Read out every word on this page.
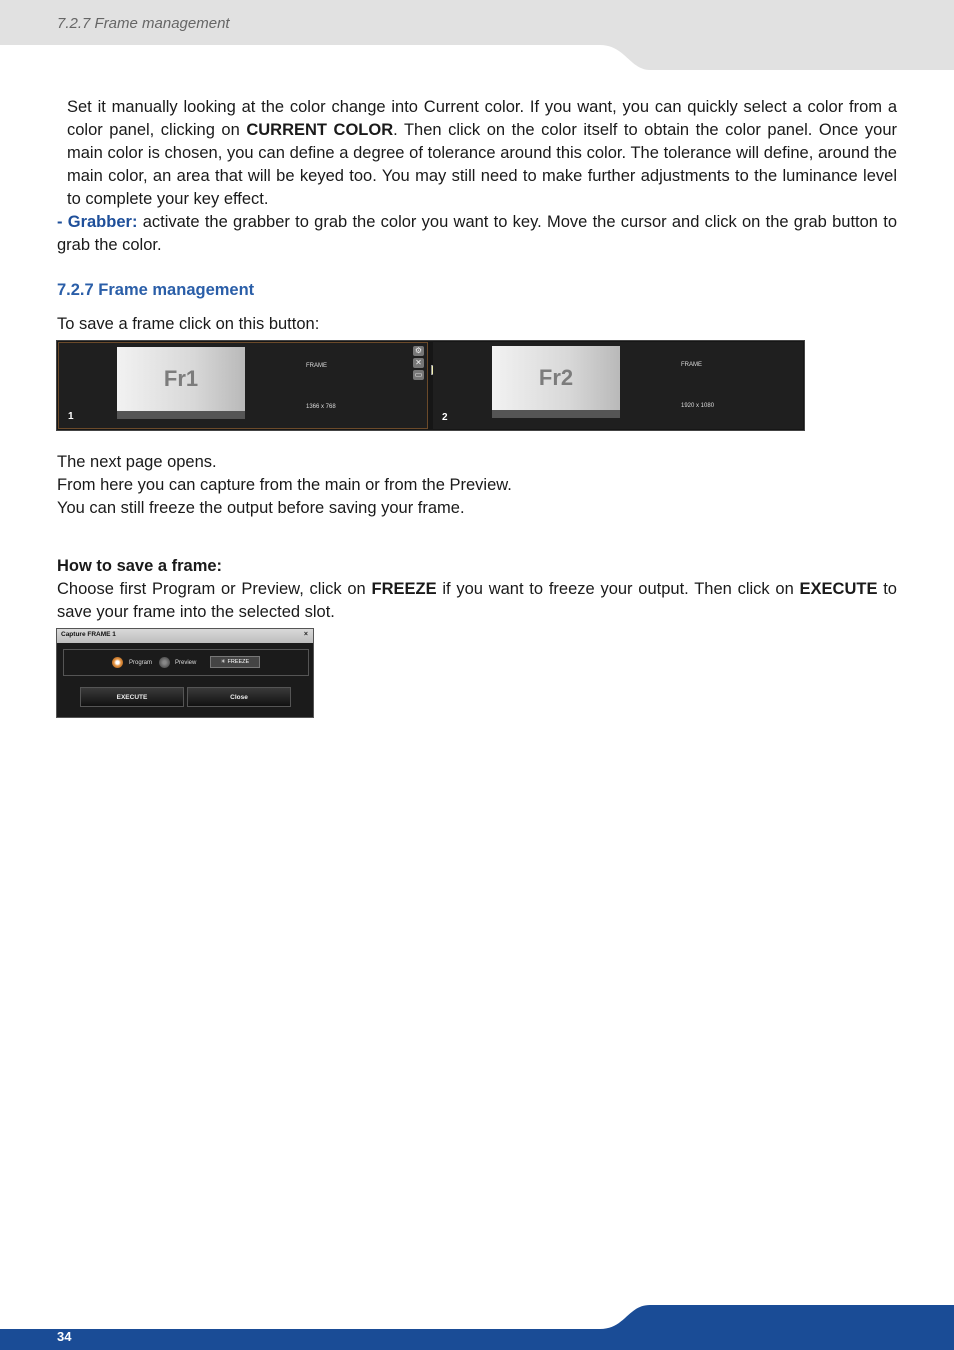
7.2.7 Frame management
Set it manually looking at the color change into Current color. If you want, you can quickly select a color from a color panel, clicking on CURRENT COLOR. Then click on the color itself to obtain the color panel. Once your main color is chosen, you can define a degree of tolerance around this color. The tolerance will define, around the main color, an area that will be keyed too. You may still need to make further adjustments to the luminance level to complete your key effect.
- Grabber: activate the grabber to grab the color you want to key. Move the cursor and click on the grab button to grab the color.
7.2.7 Frame management
To save a frame click on this button:
Fr1	FRAME
1366 x 768
1
⚙
✕
▭	Fr2	FRAME
1920 x 1080
2
The next page opens.
From here you can capture from the main or from the Preview.
You can still freeze the output before saving your frame.
How to save a frame:
Choose first Program or Preview, click on FREEZE if you want to freeze your output. Then click on EXECUTE to save your frame into the selected slot.
Capture FRAME 1	×
Program	Preview	✳ FREEZE
EXECUTE	Close
34
